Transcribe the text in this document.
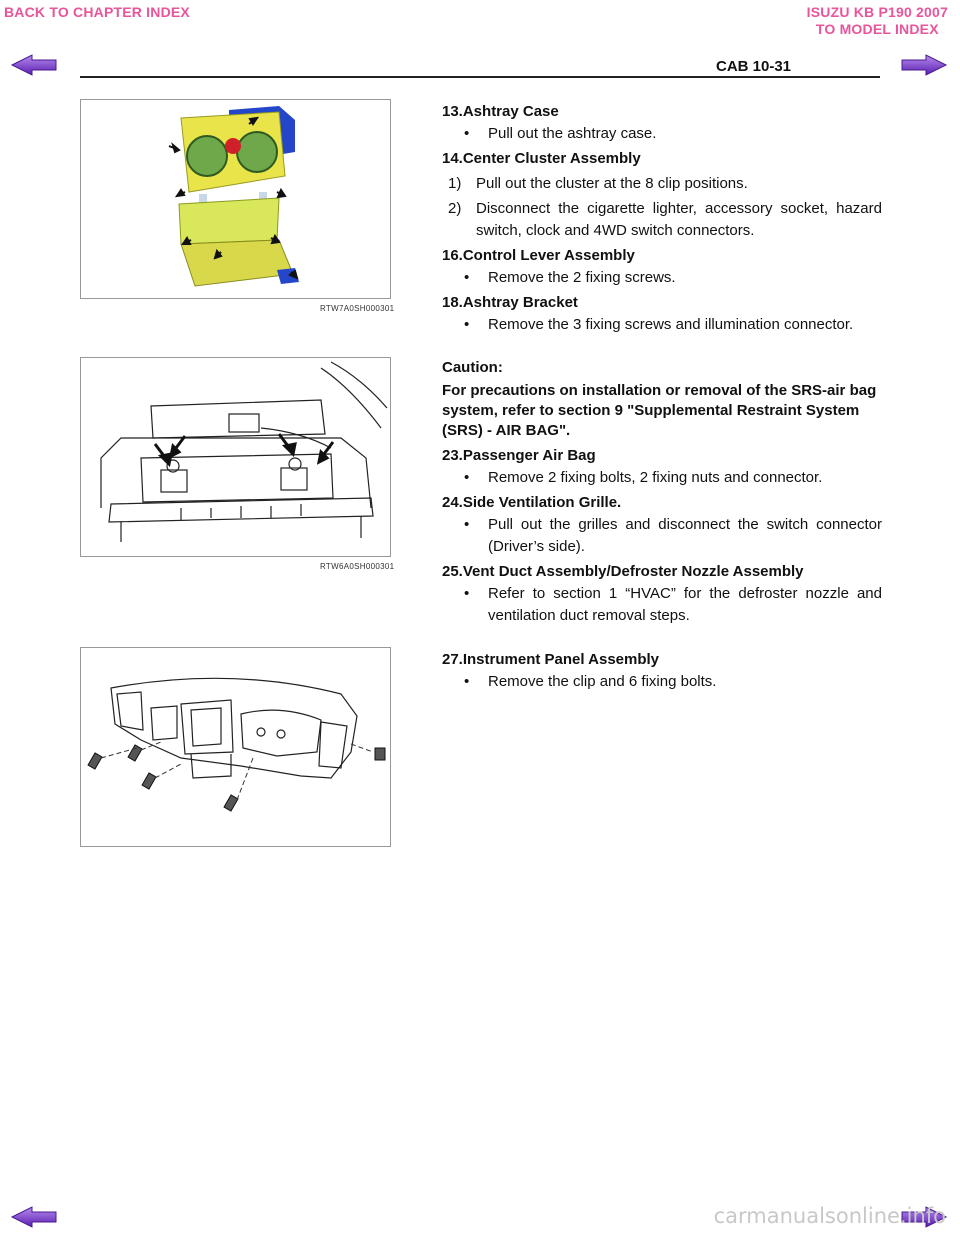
BACK TO CHAPTER INDEX	ISUZU KB P190 2007
TO MODEL INDEX
CAB 10-31
RTW7A0SH000301
RTW6A0SH000301
13.Ashtray Case
•	Pull out the ashtray case.
14.Center Cluster Assembly
1) Pull out the cluster at the 8 clip positions.
2) Disconnect the cigarette lighter, accessory socket, hazard switch, clock and 4WD switch connectors.
16.Control Lever Assembly
•	Remove the 2 fixing screws.
18.Ashtray Bracket
•	Remove the 3 fixing screws and illumination connector.
Caution:
For precautions on installation or removal of the SRS-air bag system, refer to section 9 "Supplemental Restraint System (SRS) - AIR BAG".
23.Passenger Air Bag
•	Remove 2 fixing bolts, 2 fixing nuts and connector.
24.Side Ventilation Grille.
•	Pull out the grilles and disconnect the switch connector (Driver’s side).
25.Vent Duct Assembly/Defroster Nozzle Assembly
•	Refer to section 1 “HVAC” for the defroster nozzle and ventilation duct removal steps.
27.Instrument Panel Assembly
•	Remove the clip and 6 fixing bolts.
carmanualsonline.info
